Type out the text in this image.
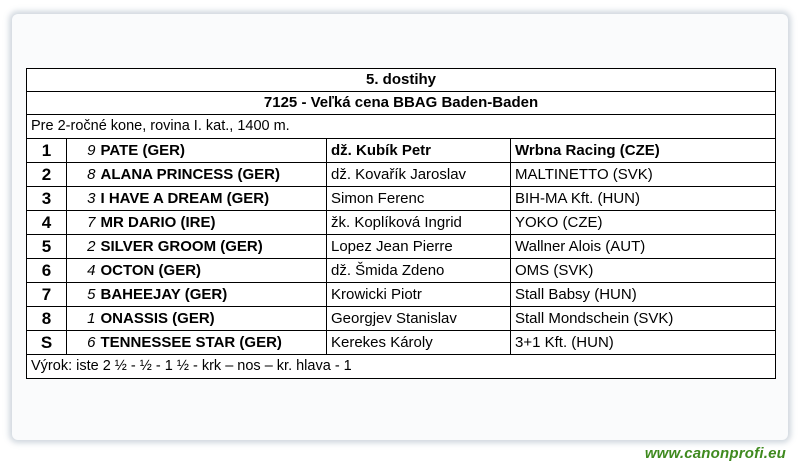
5. dostihy				
7125 - Veľká cena BBAG Baden-Baden				
Pre 2-ročné kone, rovina I. kat., 1400 m.				
1	9	PATE (GER)	dž. Kubík Petr	Wrbna Racing (CZE)
2	8	ALANA PRINCESS (GER)	dž. Kovařík Jaroslav	MALTINETTO (SVK)
3	3	I HAVE A DREAM (GER)	Simon Ferenc	BIH-MA Kft. (HUN)
4	7	MR DARIO (IRE)	žk. Koplíková Ingrid	YOKO (CZE)
5	2	SILVER GROOM (GER)	Lopez Jean Pierre	Wallner Alois (AUT)
6	4	OCTON (GER)	dž. Šmida Zdeno	OMS (SVK)
7	5	BAHEEJAY (GER)	Krowicki Piotr	Stall Babsy (HUN)
8	1	ONASSIS (GER)	Georgjev Stanislav	Stall Mondschein (SVK)
S	6	TENNESSEE STAR (GER)	Kerekes Károly	3+1 Kft. (HUN)
Výrok: iste 2 ½ - ½ - 1 ½ - krk – nos – kr. hlava - 1				
www.canonprofi.eu
